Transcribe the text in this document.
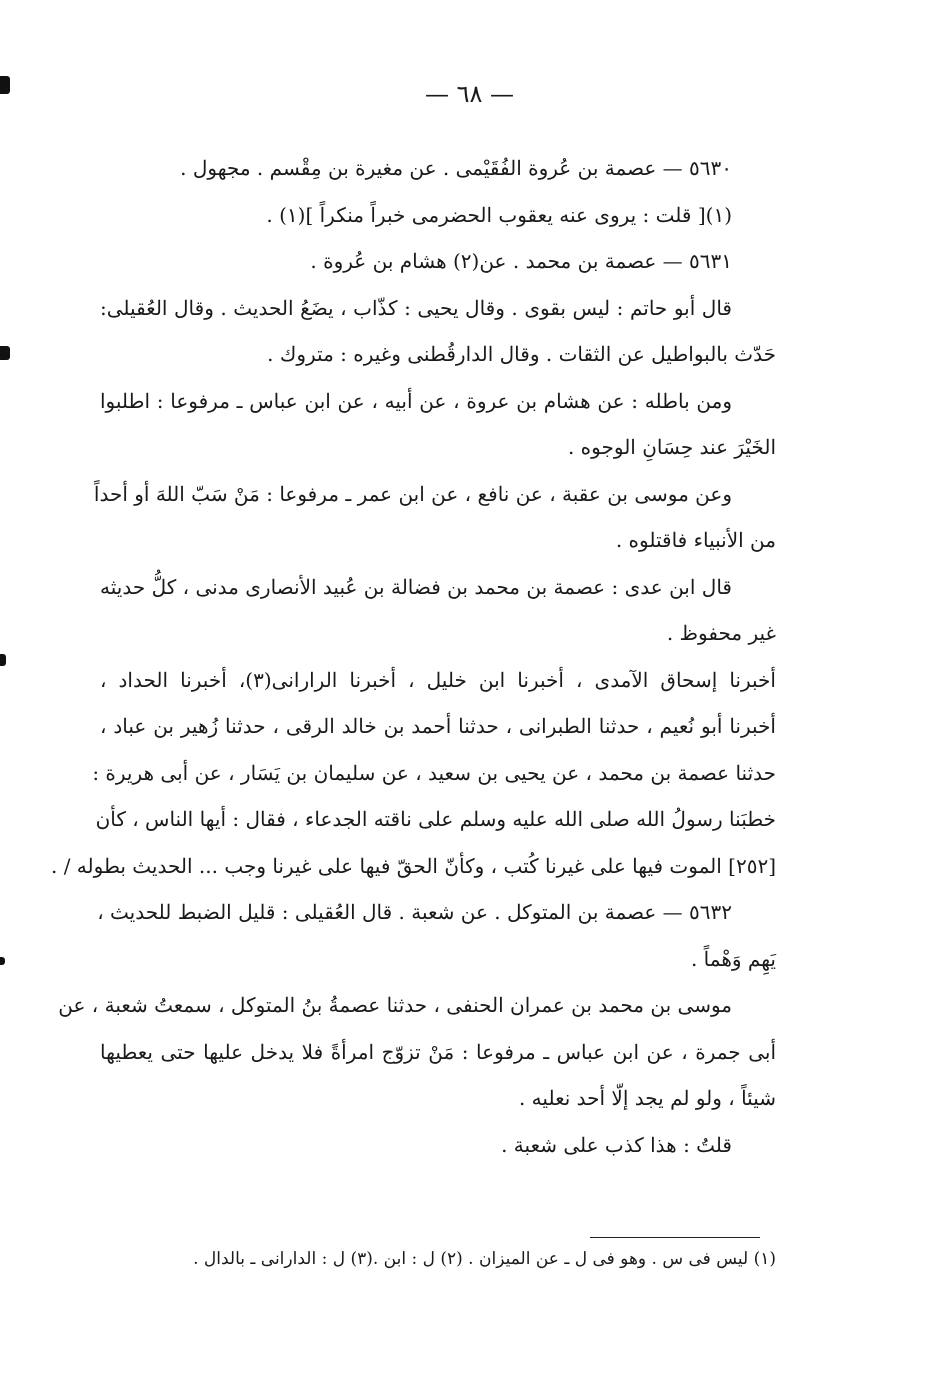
— ٦٨ —
٥٦٣٠ — عصمة بن عُروة الفُقَيْمى . عن مغيرة بن مِقْسم . مجهول .
(١)[ قلت : يروى عنه يعقوب الحضرمى خبراً منكراً ](١) .
٥٦٣١ — عصمة بن محمد . عن(٢) هشام بن عُروة .
قال أبو حاتم : ليس بقوى . وقال يحيى : كذّاب ، يضَعُ الحديث . وقال العُقيلى:
حَدّث بالبواطيل عن الثقات . وقال الدارقُطنى وغيره : متروك .
ومن باطله : عن هشام بن عروة ، عن أبيه ، عن ابن عباس ـ مرفوعا : اطلبوا
الخَيْرَ عند حِسَانِ الوجوه .
وعن موسى بن عقبة ، عن نافع ، عن ابن عمر ـ مرفوعا : مَنْ سَبّ اللهَ أو أحداً
من الأنبياء فاقتلوه .
قال ابن عدى : عصمة بن محمد بن فضالة بن عُبيد الأنصارى مدنى ، كلُّ حديثه
غير محفوظ .
أخبرنا إسحاق الآمدى ، أخبرنا ابن خليل ، أخبرنا الرارانى(٣)، أخبرنا الحداد ،
أخبرنا أبو نُعيم ، حدثنا الطبرانى ، حدثنا أحمد بن خالد الرقى ، حدثنا زُهير بن عباد ،
حدثنا عصمة بن محمد ، عن يحيى بن سعيد ، عن سليمان بن يَسَار ، عن أبى هريرة :
خطبَنا رسولُ الله صلى الله عليه وسلم على ناقته الجدعاء ، فقال : أيها الناس ، كأن
[٢٥٢] الموت فيها على غيرنا كُتب ، وكأنّ الحقّ فيها على غيرنا وجب ... الحديث بطوله / .
٥٦٣٢ — عصمة بن المتوكل . عن شعبة . قال العُقيلى : قليل الضبط للحديث ،
يَهِم وَهْماً .
موسى بن محمد بن عمران الحنفى ، حدثنا عصمةُ بنُ المتوكل ، سمعتُ شعبة ، عن
أبى جمرة ، عن ابن عباس ـ مرفوعا : مَنْ تزوّج امرأةً فلا يدخل عليها حتى يعطيها
شيئاً ، ولو لم يجد إلّا أحد نعليه .
قلتُ : هذا كذب على شعبة .
(١) ليس فى س . وهو فى ل ـ عن الميزان . (٢) ل : ابن .(٣) ل : الدارانى ـ بالدال .
